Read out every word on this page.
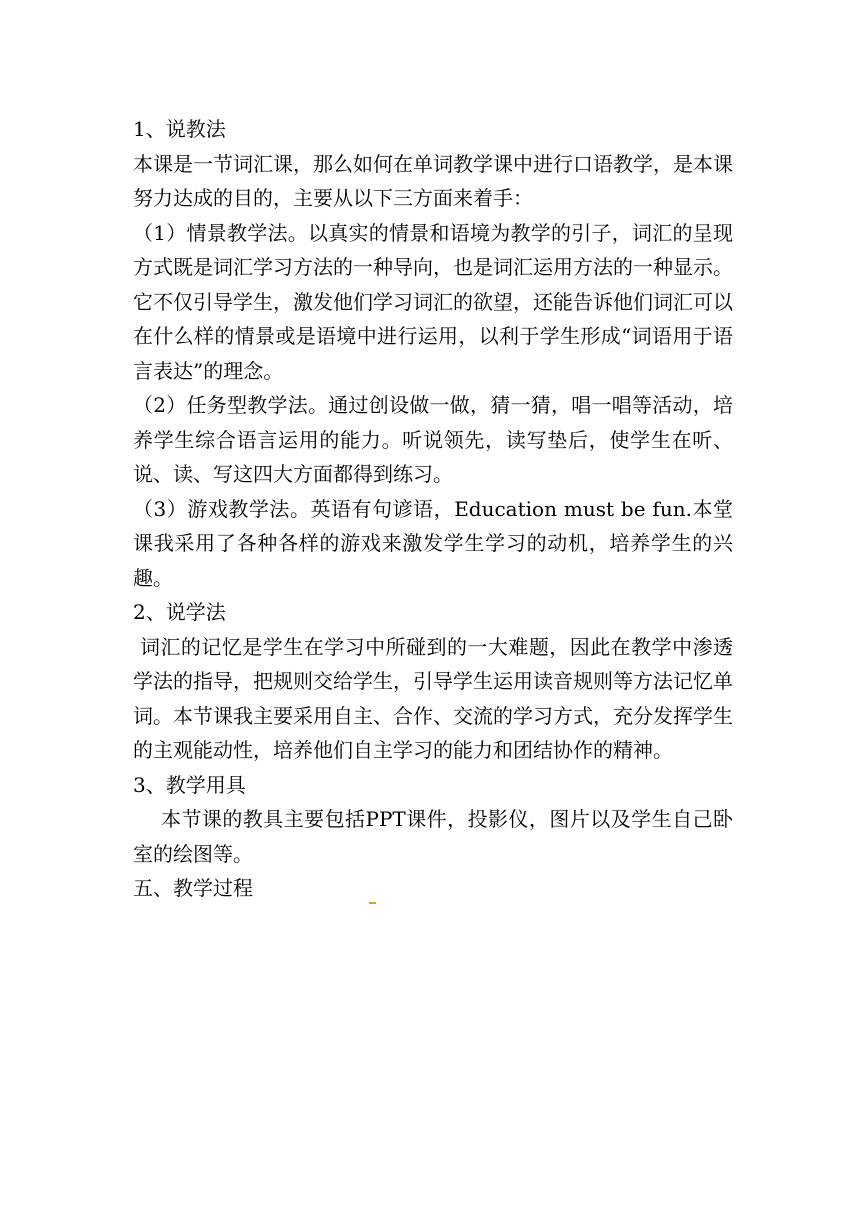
1、说教法

本课是一节词汇课，那么如何在单词教学课中进行口语教学，是本课努力达成的目的，主要从以下三方面来着手：

（1）情景教学法。以真实的情景和语境为教学的引子，词汇的呈现方式既是词汇学习方法的一种导向，也是词汇运用方法的一种显示。它不仅引导学生，激发他们学习词汇的欲望，还能告诉他们词汇可以在什么样的情景或是语境中进行运用，以利于学生形成“词语用于语言表达”的理念。

（2）任务型教学法。通过创设做一做，猜一猜，唱一唱等活动，培养学生综合语言运用的能力。听说领先，读写垫后，使学生在听、说、读、写这四大方面都得到练习。

（3）游戏教学法。英语有句谚语，Education must be fun.本堂课我采用了各种各样的游戏来激发学生学习的动机，培养学生的兴趣。

2、说学法

词汇的记忆是学生在学习中所碰到的一大难题，因此在教学中渗透学法的指导，把规则交给学生，引导学生运用读音规则等方法记忆单词。本节课我主要采用自主、合作、交流的学习方式，充分发挥学生的主观能动性，培养他们自主学习的能力和团结协作的精神。

3、教学用具

本节课的教具主要包括PPT课件，投影仪，图片以及学生自己卧室的绘图等。

五、教学过程
